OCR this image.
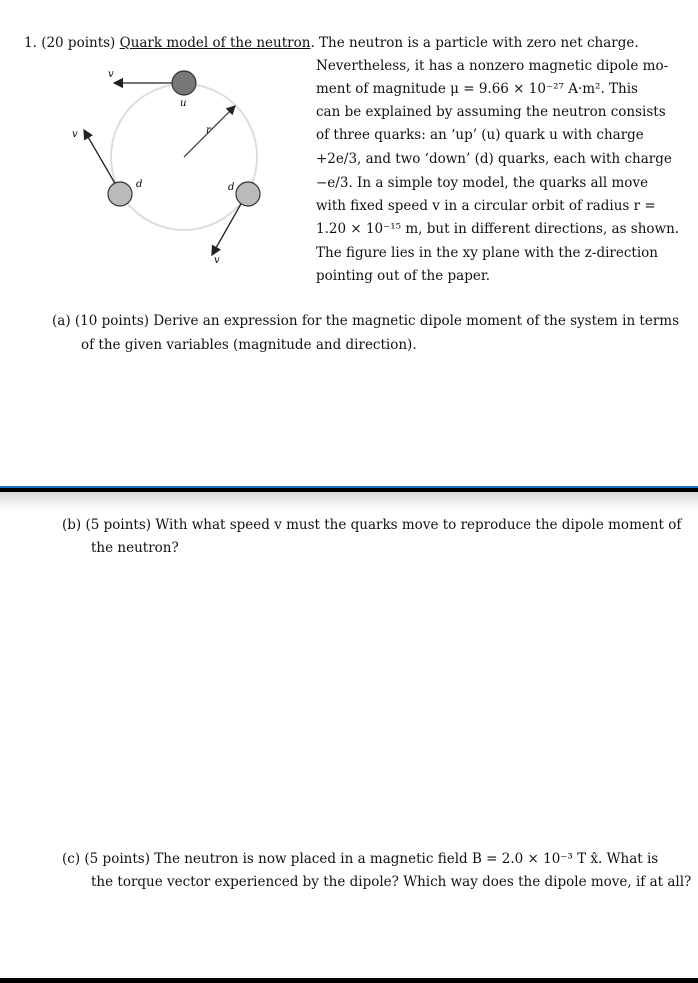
1. (20 points) Quark model of the neutron. The neutron is a particle with zero net charge.
Nevertheless, it has a nonzero magnetic dipole mo-
ment of magnitude μ = 9.66 × 10⁻²⁷ A·m². This
can be explained by assuming the neutron consists
of three quarks: an ‘up’ (u) quark u with charge
+2e/3, and two ‘down’ (d) quarks, each with charge
−e/3. In a simple toy model, the quarks all move
with fixed speed v in a circular orbit of radius r =
1.20 × 10⁻¹⁵ m, but in different directions, as shown.
The figure lies in the xy plane with the z-direction
pointing out of the paper.
v
u
r
v
d	d
v
(a) (10 points) Derive an expression for the magnetic dipole moment of the system in terms
of the given variables (magnitude and direction).
(b) (5 points) With what speed v must the quarks move to reproduce the dipole moment of
the neutron?
(c) (5 points) The neutron is now placed in a magnetic field B = 2.0 × 10⁻³ T x̂. What is
the torque vector experienced by the dipole? Which way does the dipole move, if at all?
